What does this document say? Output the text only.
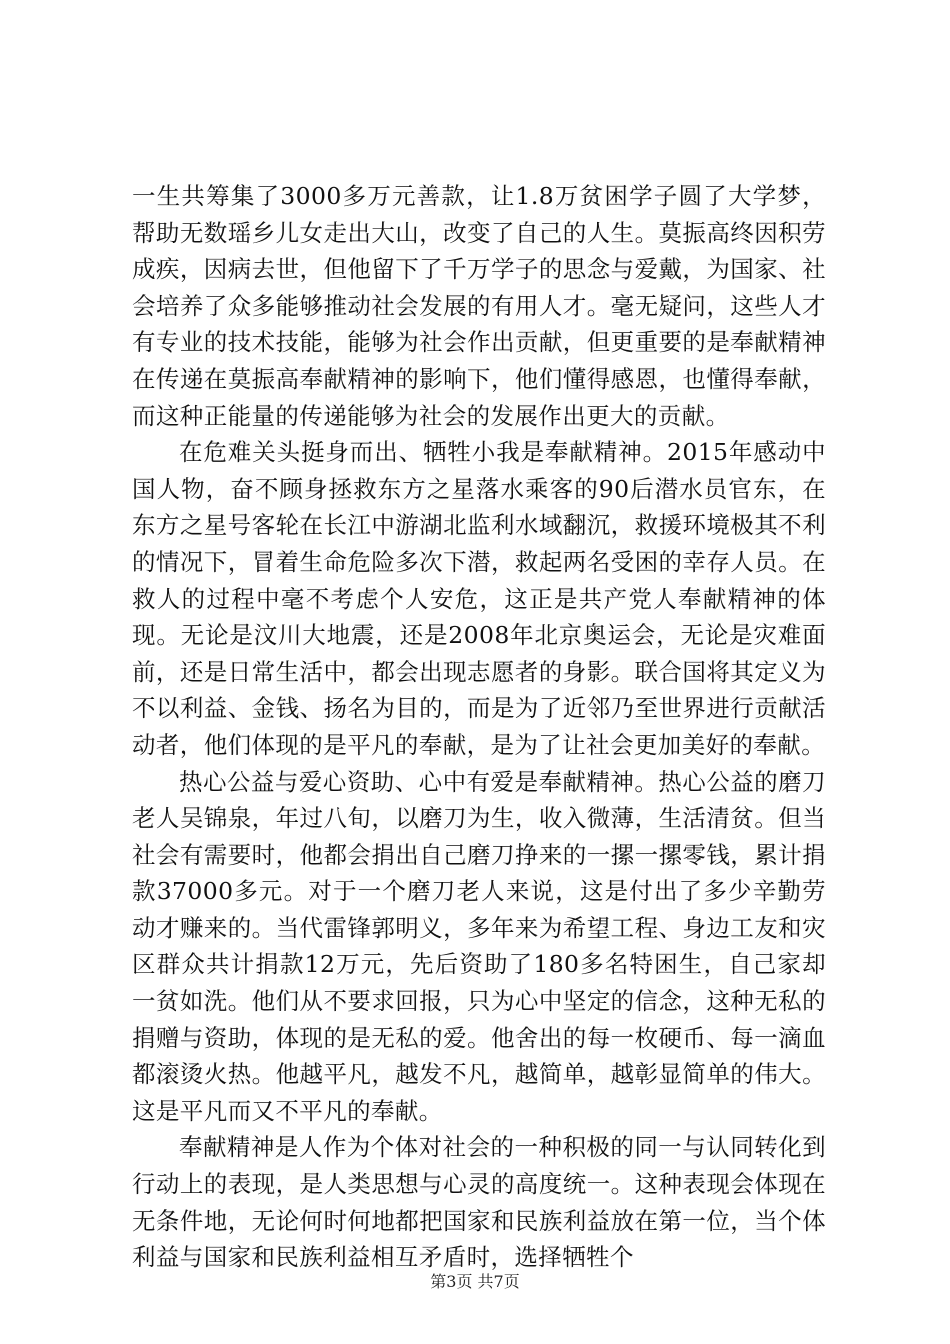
一生共筹集了3000多万元善款，让1.8万贫困学子圆了大学梦，帮助无数瑶乡儿女走出大山，改变了自己的人生。莫振高终因积劳成疾，因病去世，但他留下了千万学子的思念与爱戴，为国家、社会培养了众多能够推动社会发展的有用人才。毫无疑问，这些人才有专业的技术技能，能够为社会作出贡献，但更重要的是奉献精神在传递在莫振高奉献精神的影响下，他们懂得感恩，也懂得奉献，而这种正能量的传递能够为社会的发展作出更大的贡献。

在危难关头挺身而出、牺牲小我是奉献精神。2015年感动中国人物，奋不顾身拯救东方之星落水乘客的90后潜水员官东，在东方之星号客轮在长江中游湖北监利水域翻沉，救援环境极其不利的情况下，冒着生命危险多次下潜，救起两名受困的幸存人员。在救人的过程中毫不考虑个人安危，这正是共产党人奉献精神的体现。无论是汶川大地震，还是2008年北京奥运会，无论是灾难面前，还是日常生活中，都会出现志愿者的身影。联合国将其定义为不以利益、金钱、扬名为目的，而是为了近邻乃至世界进行贡献活动者，他们体现的是平凡的奉献，是为了让社会更加美好的奉献。

热心公益与爱心资助、心中有爱是奉献精神。热心公益的磨刀老人吴锦泉，年过八旬，以磨刀为生，收入微薄，生活清贫。但当社会有需要时，他都会捐出自己磨刀挣来的一摞一摞零钱，累计捐款37000多元。对于一个磨刀老人来说，这是付出了多少辛勤劳动才赚来的。当代雷锋郭明义，多年来为希望工程、身边工友和灾区群众共计捐款12万元，先后资助了180多名特困生，自己家却一贫如洗。他们从不要求回报，只为心中坚定的信念，这种无私的捐赠与资助，体现的是无私的爱。他舍出的每一枚硬币、每一滴血都滚烫火热。他越平凡，越发不凡，越简单，越彰显简单的伟大。这是平凡而又不平凡的奉献。

奉献精神是人作为个体对社会的一种积极的同一与认同转化到行动上的表现，是人类思想与心灵的高度统一。这种表现会体现在无条件地，无论何时何地都把国家和民族利益放在第一位，当个体利益与国家和民族利益相互矛盾时，选择牺牲个

第3页 共7页
